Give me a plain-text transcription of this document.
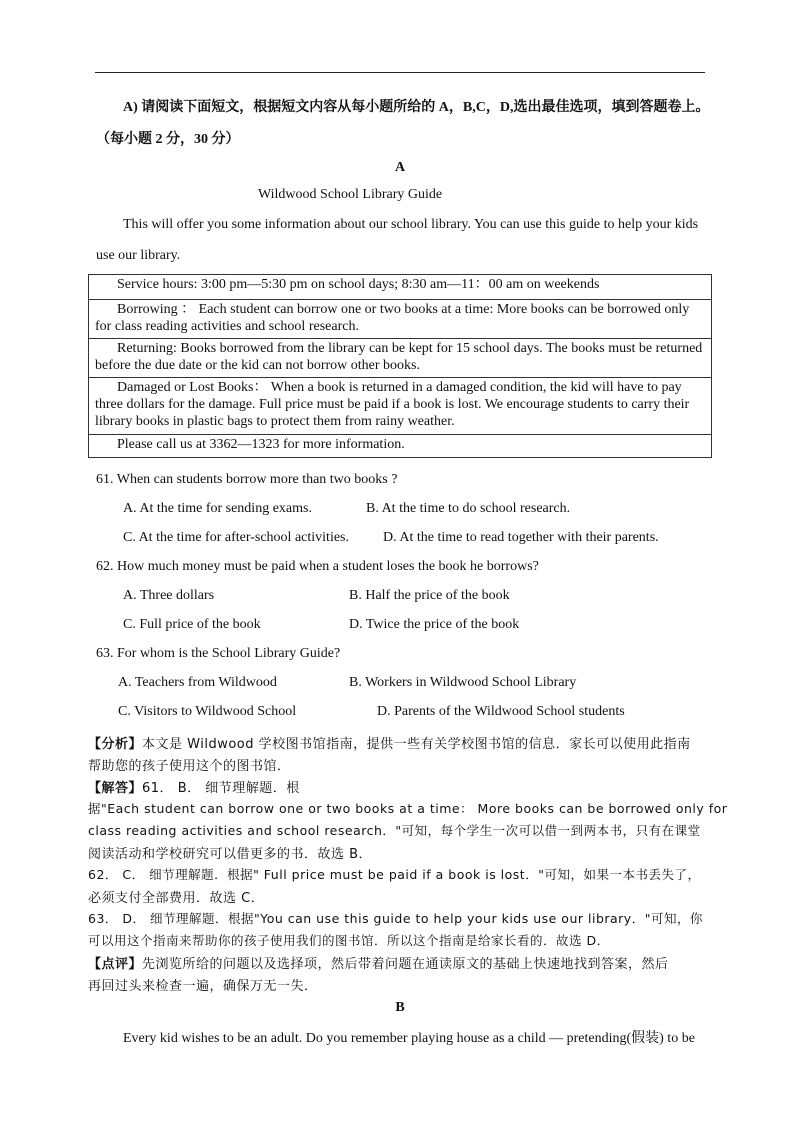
A) 请阅读下面短文，根据短文内容从每小题所给的 A，B,C，D,选出最佳选项，填到答题卷上。
（每小题 2 分，30 分）
A
Wildwood School Library Guide
This will offer you some information about our school library. You can use this guide to help your kids
use our library.
Service hours: 3:00 pm—5:30 pm on school days; 8:30 am—11：00 am on weekends
Borrowing ： Each student can borrow one or two books at a time: More books can be borrowed only for class reading activities and school research.
Returning: Books borrowed from the library can be kept for 15 school days. The books must be returned before the due date or the kid can not borrow other books.
Damaged or Lost Books： When a book is returned in a damaged condition, the kid will have to pay three dollars for the damage. Full price must be paid if a book is lost. We encourage students to carry their library books in plastic bags to protect them from rainy weather.
Please call us at 3362—1323 for more information.
61. When can students borrow more than two books ?
A. At the time for sending exams.	B. At the time to do school research.
C. At the time for after-school activities. D. At the time to read together with their parents.
62. How much money must be paid when a student loses the book he borrows?
A. Three dollars	B. Half the price of the book
C. Full price of the book	D. Twice the price of the book
63. For whom is the School Library Guide?
A. Teachers from Wildwood	B. Workers in Wildwood School Library
C. Visitors to Wildwood School	D. Parents of the Wildwood School students
【分析】本文是 Wildwood 学校图书馆指南，提供一些有关学校图书馆的信息．家长可以使用此指南
帮助您的孩子使用这个的图书馆．
【解答】61． B． 细节理解题．根
据"Each student can borrow one or two books at a time： More books can be borrowed only for
class reading activities and school research．"可知，每个学生一次可以借一到两本书，只有在课堂
阅读活动和学校研究可以借更多的书．故选 B．
62． C． 细节理解题．根据" Full price must be paid if a book is lost．"可知，如果一本书丢失了，
必须支付全部费用．故选 C．
63． D． 细节理解题．根据"You can use this guide to help your kids use our library．"可知，你
可以用这个指南来帮助你的孩子使用我们的图书馆．所以这个指南是给家长看的．故选 D．
【点评】先浏览所给的问题以及选择项，然后带着问题在通读原文的基础上快速地找到答案，然后
再回过头来检查一遍，确保万无一失．
B
Every kid wishes to be an adult. Do you remember playing house as a child — pretending(假装) to be
